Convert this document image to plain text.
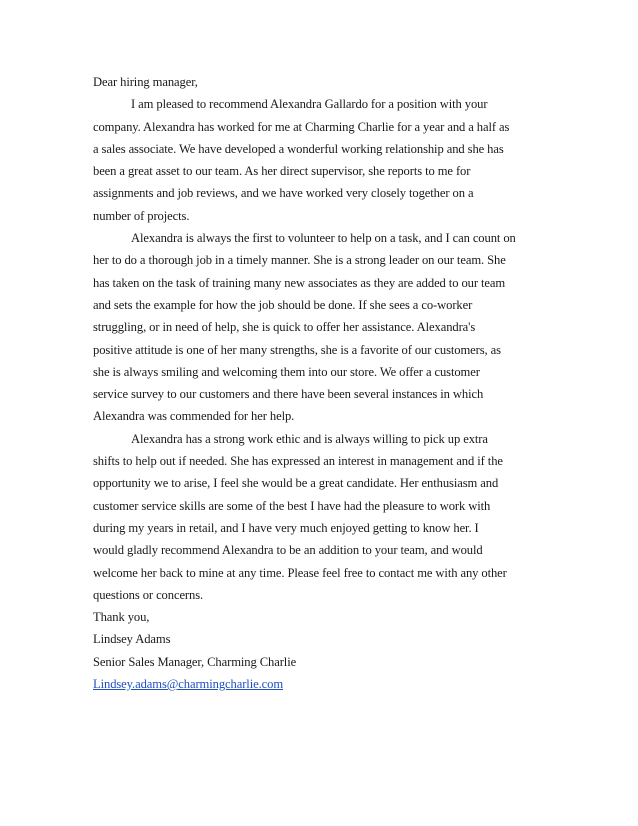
Dear hiring manager,
I am pleased to recommend Alexandra Gallardo for a position with your
company. Alexandra has worked for me at Charming Charlie for a year and a half as
a sales associate. We have developed a wonderful working relationship and she has
been a great asset to our team. As her direct supervisor, she reports to me for
assignments and job reviews, and we have worked very closely together on a
number of projects.
Alexandra is always the first to volunteer to help on a task, and I can count on
her to do a thorough job in a timely manner. She is a strong leader on our team. She
has taken on the task of training many new associates as they are added to our team
and sets the example for how the job should be done. If she sees a co-worker
struggling, or in need of help, she is quick to offer her assistance. Alexandra's
positive attitude is one of her many strengths, she is a favorite of our customers, as
she is always smiling and welcoming them into our store. We offer a customer
service survey to our customers and there have been several instances in which
Alexandra was commended for her help.
Alexandra has a strong work ethic and is always willing to pick up extra
shifts to help out if needed. She has expressed an interest in management and if the
opportunity we to arise, I feel she would be a great candidate. Her enthusiasm and
customer service skills are some of the best I have had the pleasure to work with
during my years in retail, and I have very much enjoyed getting to know her. I
would gladly recommend Alexandra to be an addition to your team, and would
welcome her back to mine at any time. Please feel free to contact me with any other
questions or concerns.
Thank you,
Lindsey Adams
Senior Sales Manager, Charming Charlie
Lindsey.adams@charmingcharlie.com
